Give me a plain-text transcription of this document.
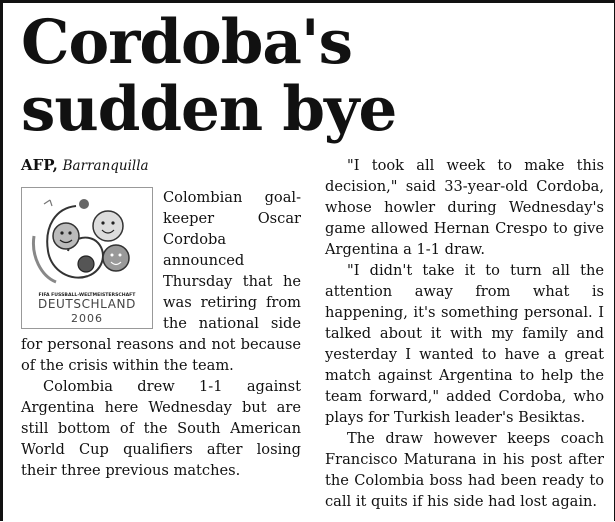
Cordoba's
sudden bye
AFP, Barranquilla
FIFA FUSSBALL-WELTMEISTERSCHAFT
DEUTSCHLAND
2006

Colombian goal-keeper Oscar Cordoba announced Thursday that he was retiring from the national side for personal reasons and not because of the crisis within the team.

Colombia drew 1-1 against Argentina here Wednesday but are still bottom of the South American World Cup qualifiers after losing their three previous matches.

"I took all week to make this decision," said 33-year-old Cordoba, whose howler during Wednesday's game allowed Hernan Crespo to give Argentina a 1-1 draw.

"I didn't take it to turn all the attention away from what is happening, it's something personal. I talked about it with my family and yesterday I wanted to have a great match against Argentina to help the team forward," added Cordoba, who plays for Turkish leader's Besiktas.

The draw however keeps coach Francisco Maturana in his post after the Colombia boss had been ready to call it quits if his side had lost again.
